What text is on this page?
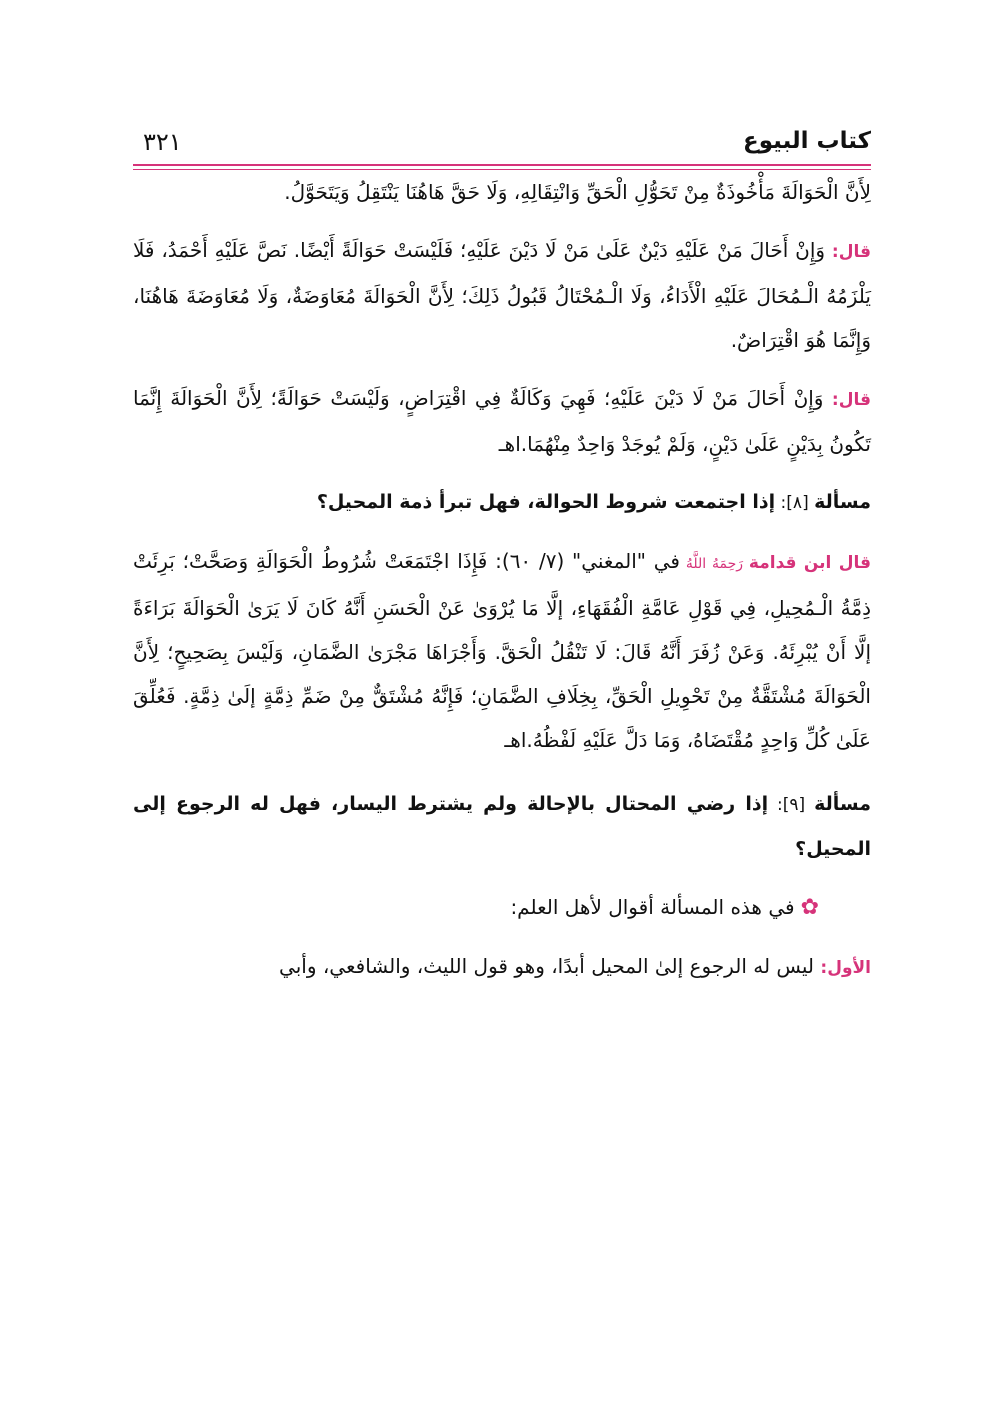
كتاب البيوع
٣٢١

لِأَنَّ الْحَوَالَةَ مَأْخُوذَةٌ مِنْ تَحَوُّلِ الْحَقِّ وَانْتِقَالِهِ، وَلَا حَقَّ هَاهُنَا يَنْتَقِلُ وَيَتَحَوَّلُ.

قال: وَإِنْ أَحَالَ مَنْ عَلَيْهِ دَيْنٌ عَلَىٰ مَنْ لَا دَيْنَ عَلَيْهِ؛ فَلَيْسَتْ حَوَالَةً أَيْضًا. نَصَّ عَلَيْهِ أَحْمَدُ، فَلَا يَلْزَمُهُ الْـمُحَالَ عَلَيْهِ الْأَدَاءُ، وَلَا الْـمُحْتَالُ قَبُولُ ذَلِكَ؛ لِأَنَّ الْحَوَالَةَ مُعَاوَضَةٌ، وَلَا مُعَاوَضَةَ هَاهُنَا، وَإِنَّمَا هُوَ اقْتِرَاضٌ.

قال: وَإِنْ أَحَالَ مَنْ لَا دَيْنَ عَلَيْهِ؛ فَهِيَ وَكَالَةٌ فِي اقْتِرَاضٍ، وَلَيْسَتْ حَوَالَةً؛ لِأَنَّ الْحَوَالَةَ إِنَّمَا تَكُونُ بِدَيْنٍ عَلَىٰ دَيْنٍ، وَلَمْ يُوجَدْ وَاحِدٌ مِنْهُمَا.اهـ

مسألة [٨]: إذا اجتمعت شروط الحوالة، فهل تبرأ ذمة المحيل؟

قال ابن قدامة رَحِمَهُ اللَّهُ في "المغني" (٧/ ٦٠): فَإِذَا اجْتَمَعَتْ شُرُوطُ الْحَوَالَةِ وَصَحَّتْ؛ بَرِئَتْ ذِمَّةُ الْـمُحِيلِ، فِي قَوْلِ عَامَّةِ الْفُقَهَاءِ، إلَّا مَا يُرْوَىٰ عَنْ الْحَسَنِ أَنَّهُ كَانَ لَا يَرَىٰ الْحَوَالَةَ بَرَاءَةً إلَّا أَنْ يُبْرِئَهُ. وَعَنْ زُفَرَ أَنَّهُ قَالَ: لَا تَنْقُلُ الْحَقَّ. وَأَجْرَاهَا مَجْرَىٰ الضَّمَانِ، وَلَيْسَ بِصَحِيحٍ؛ لِأَنَّ الْحَوَالَةَ مُشْتَقَّةٌ مِنْ تَحْوِيلِ الْحَقِّ، بِخِلَافِ الضَّمَانِ؛ فَإِنَّهُ مُشْتَقٌّ مِنْ ضَمِّ ذِمَّةٍ إلَىٰ ذِمَّةٍ. فَعُلِّقَ عَلَىٰ كُلِّ وَاحِدٍ مُقْتَضَاهُ، وَمَا دَلَّ عَلَيْهِ لَفْظُهُ.اهـ

مسألة [٩]: إذا رضي المحتال بالإحالة ولم يشترط اليسار، فهل له الرجوع إلى المحيل؟

✿في هذه المسألة أقوال لأهل العلم:

الأول: ليس له الرجوع إلىٰ المحيل أبدًا، وهو قول الليث، والشافعي، وأبي
